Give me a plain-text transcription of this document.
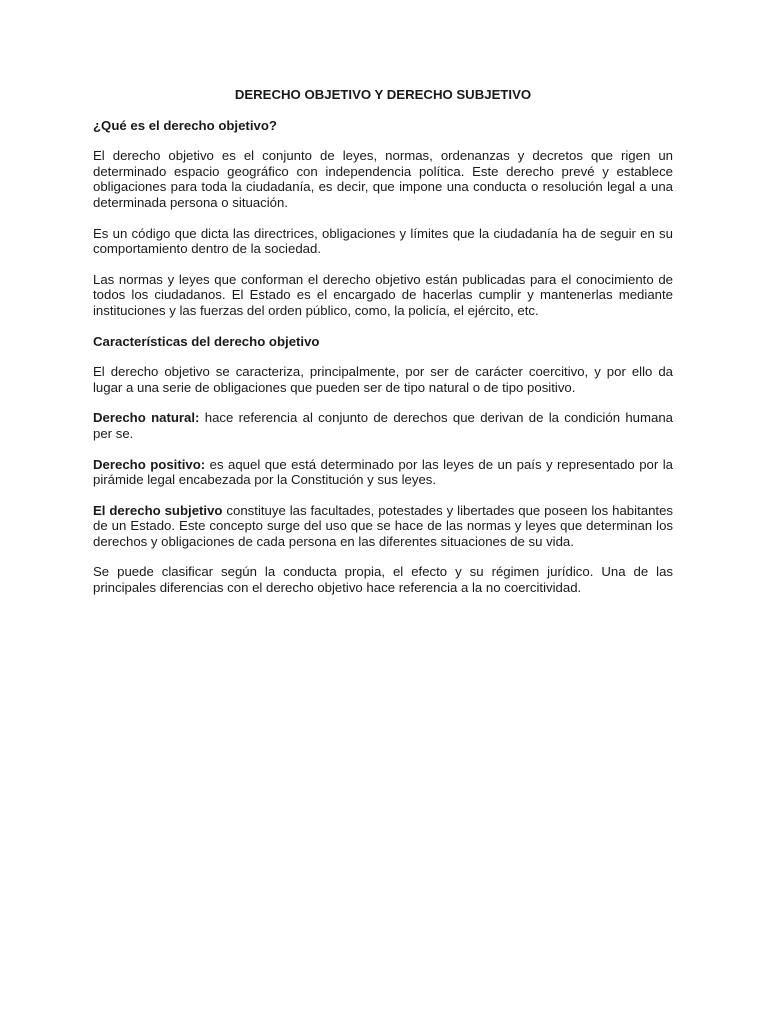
DERECHO OBJETIVO Y DERECHO SUBJETIVO
¿Qué es el derecho objetivo?
El derecho objetivo es el conjunto de leyes, normas, ordenanzas y decretos que rigen un determinado espacio geográfico con independencia política. Este derecho prevé y establece obligaciones para toda la ciudadanía, es decir, que impone una conducta o resolución legal a una determinada persona o situación.
Es un código que dicta las directrices, obligaciones y límites que la ciudadanía ha de seguir en su comportamiento dentro de la sociedad.
Las normas y leyes que conforman el derecho objetivo están publicadas para el conocimiento de todos los ciudadanos. El Estado es el encargado de hacerlas cumplir y mantenerlas mediante instituciones y las fuerzas del orden público, como, la policía, el ejército, etc.
Características del derecho objetivo
El derecho objetivo se caracteriza, principalmente, por ser de carácter coercitivo, y por ello da lugar a una serie de obligaciones que pueden ser de tipo natural o de tipo positivo.
Derecho natural: hace referencia al conjunto de derechos que derivan de la condición humana per se.
Derecho positivo: es aquel que está determinado por las leyes de un país y representado por la pirámide legal encabezada por la Constitución y sus leyes.
El derecho subjetivo constituye las facultades, potestades y libertades que poseen los habitantes de un Estado. Este concepto surge del uso que se hace de las normas y leyes que determinan los derechos y obligaciones de cada persona en las diferentes situaciones de su vida.
Se puede clasificar según la conducta propia, el efecto y su régimen jurídico. Una de las principales diferencias con el derecho objetivo hace referencia a la no coercitividad.
